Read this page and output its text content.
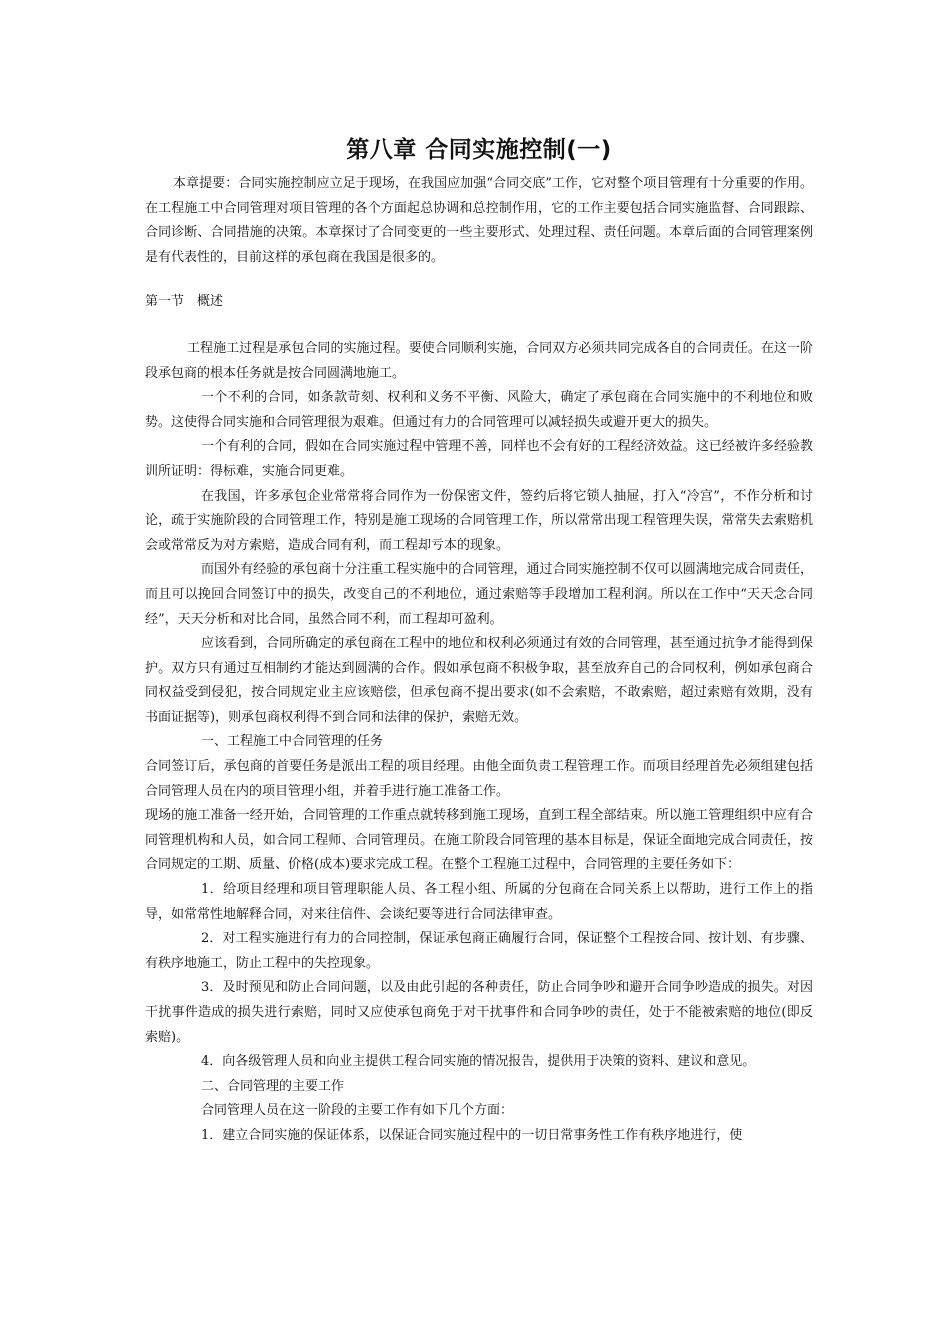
第八章 合同实施控制(一)

本章提要：合同实施控制应立足于现场，在我国应加强“合同交底”工作，它对整个项目管理有十分重要的作用。在工程施工中合同管理对项目管理的各个方面起总协调和总控制作用，它的工作主要包括合同实施监督、合同跟踪、合同诊断、合同措施的决策。本章探讨了合同变更的一些主要形式、处理过程、责任问题。本章后面的合同管理案例是有代表性的，目前这样的承包商在我国是很多的。

第一节　概述

工程施工过程是承包合同的实施过程。要使合同顺利实施，合同双方必须共同完成各自的合同责任。在这一阶段承包商的根本任务就是按合同圆满地施工。

一个不利的合同，如条款苛刻、权利和义务不平衡、风险大，确定了承包商在合同实施中的不利地位和败势。这使得合同实施和合同管理很为艰难。但通过有力的合同管理可以减轻损失或避开更大的损失。

一个有利的合同，假如在合同实施过程中管理不善，同样也不会有好的工程经济效益。这已经被许多经验教训所证明：得标难，实施合同更难。

在我国，许多承包企业常常将合同作为一份保密文件，签约后将它锁人抽屉，打入“冷宫”，不作分析和讨论，疏于实施阶段的合同管理工作，特别是施工现场的合同管理工作，所以常常出现工程管理失误，常常失去索赔机会或常常反为对方索赔，造成合同有利，而工程却亏本的现象。

而国外有经验的承包商十分注重工程实施中的合同管理，通过合同实施控制不仅可以圆满地完成合同责任，而且可以挽回合同签订中的损失，改变自己的不利地位，通过索赔等手段增加工程利润。所以在工作中“天天念合同经”，天天分析和对比合同，虽然合同不利，而工程却可盈利。

应该看到，合同所确定的承包商在工程中的地位和权利必须通过有效的合同管理，甚至通过抗争才能得到保护。双方只有通过互相制约才能达到圆满的合作。假如承包商不积极争取，甚至放弃自己的合同权利，例如承包商合同权益受到侵犯，按合同规定业主应该赔偿，但承包商不提出要求(如不会索赔，不敢索赔，超过索赔有效期，没有书面证据等)，则承包商权利得不到合同和法律的保护，索赔无效。

一、工程施工中合同管理的任务

合同签订后，承包商的首要任务是派出工程的项目经理。由他全面负责工程管理工作。而项目经理首先必须组建包括合同管理人员在内的项目管理小组，并着手进行施工准备工作。

现场的施工准备一经开始，合同管理的工作重点就转移到施工现场，直到工程全部结束。所以施工管理组织中应有合同管理机构和人员，如合同工程师、合同管理员。在施工阶段合同管理的基本目标是，保证全面地完成合同责任，按合同规定的工期、质量、价格(成本)要求完成工程。在整个工程施工过程中，合同管理的主要任务如下：

1．给项目经理和项目管理职能人员、各工程小组、所属的分包商在合同关系上以帮助，进行工作上的指导，如常常性地解释合同，对来往信件、会谈纪要等进行合同法律审查。

2．对工程实施进行有力的合同控制，保证承包商正确履行合同，保证整个工程按合同、按计划、有步骤、有秩序地施工，防止工程中的失控现象。

3．及时预见和防止合同问题，以及由此引起的各种责任，防止合同争吵和避开合同争吵造成的损失。对因干扰事件造成的损失进行索赔，同时又应使承包商免于对干扰事件和合同争吵的责任，处于不能被索赔的地位(即反索赔)。

4．向各级管理人员和向业主提供工程合同实施的情况报告，提供用于决策的资料、建议和意见。

二、合同管理的主要工作

合同管理人员在这一阶段的主要工作有如下几个方面：

1．建立合同实施的保证体系，以保证合同实施过程中的一切日常事务性工作有秩序地进行，使
